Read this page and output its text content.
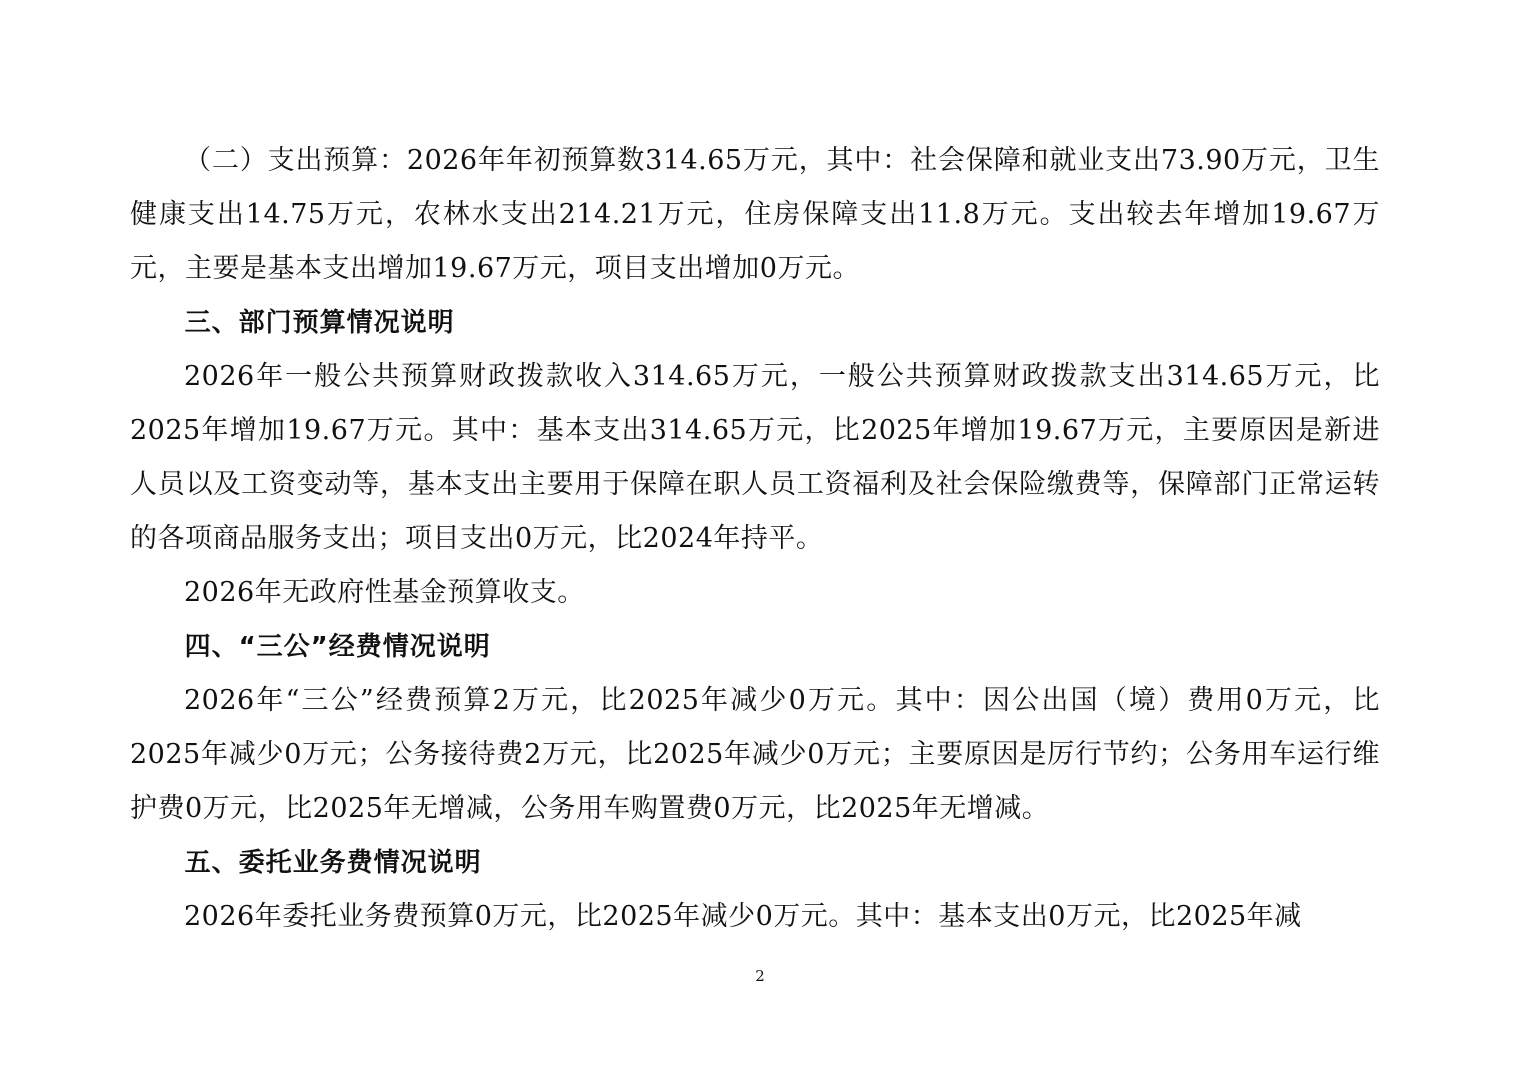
（二）支出预算：2026年年初预算数314.65万元，其中：社会保障和就业支出73.90万元，卫生健康支出14.75万元，农林水支出214.21万元，住房保障支出11.8万元。支出较去年增加19.67万元，主要是基本支出增加19.67万元，项目支出增加0万元。

三、部门预算情况说明

2026年一般公共预算财政拨款收入314.65万元，一般公共预算财政拨款支出314.65万元，比2025年增加19.67万元。其中：基本支出314.65万元，比2025年增加19.67万元，主要原因是新进人员以及工资变动等，基本支出主要用于保障在职人员工资福利及社会保险缴费等，保障部门正常运转的各项商品服务支出；项目支出0万元，比2024年持平。

2026年无政府性基金预算收支。

四、“三公”经费情况说明

2026年“三公”经费预算2万元，比2025年减少0万元。其中：因公出国（境）费用0万元，比2025年减少0万元；公务接待费2万元，比2025年减少0万元；主要原因是厉行节约；公务用车运行维护费0万元，比2025年无增减，公务用车购置费0万元，比2025年无增减。

五、委托业务费情况说明

2026年委托业务费预算0万元，比2025年减少0万元。其中：基本支出0万元，比2025年减

2
